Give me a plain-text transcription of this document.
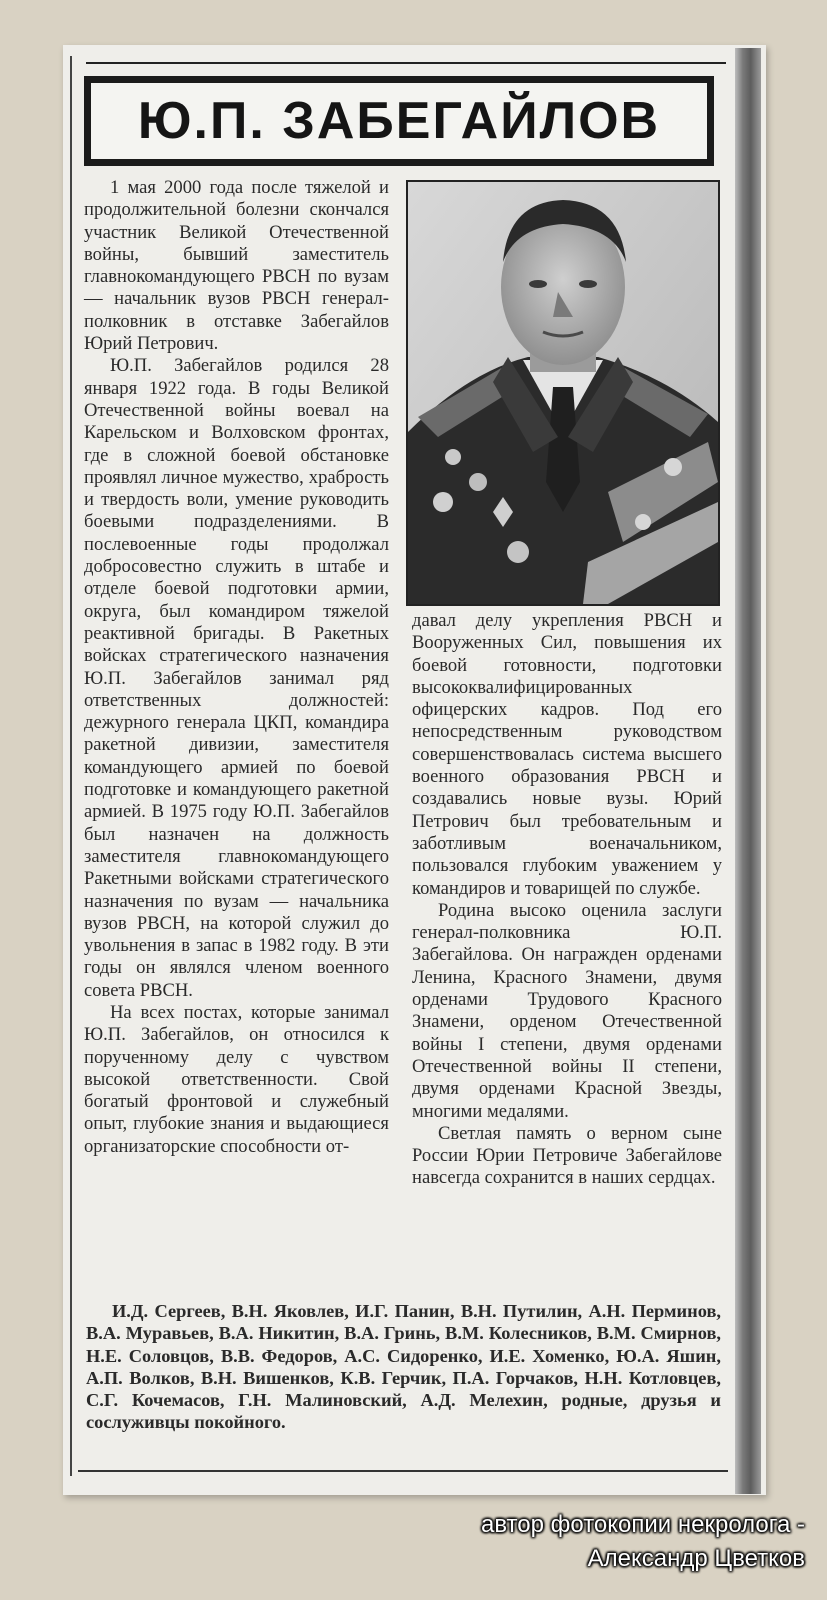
Ю.П. ЗАБЕГАЙЛОВ

1 мая 2000 года после тяжелой и продолжительной болезни скончался участник Великой Отечественной войны, бывший заместитель главнокомандующего РВСН по вузам — начальник вузов РВСН генерал-полковник в отставке Забегайлов Юрий Петрович.

Ю.П. Забегайлов родился 28 января 1922 года. В годы Великой Отечественной войны воевал на Карельском и Волховском фронтах, где в сложной боевой обстановке проявлял личное мужество, храбрость и твердость воли, умение руководить боевыми подразделениями. В послевоенные годы продолжал добросовестно служить в штабе и отделе боевой подготовки армии, округа, был командиром тяжелой реактивной бригады. В Ракетных войсках стратегического назначения Ю.П. Забегайлов занимал ряд ответственных должностей: дежурного генерала ЦКП, командира ракетной дивизии, заместителя командующего армией по боевой подготовке и командующего ракетной армией. В 1975 году Ю.П. Забегайлов был назначен на должность заместителя главнокомандующего Ракетными войсками стратегического назначения по вузам — начальника вузов РВСН, на которой служил до увольнения в запас в 1982 году. В эти годы он являлся членом военного совета РВСН.

На всех постах, которые занимал Ю.П. Забегайлов, он относился к порученному делу с чувством высокой ответственности. Свой богатый фронтовой и служебный опыт, глубокие знания и выдающиеся организаторские способности от-

давал делу укрепления РВСН и Вооруженных Сил, повышения их боевой готовности, подготовки высококвалифицированных офицерских кадров. Под его непосредственным руководством совершенствовалась система высшего военного образования РВСН и создавались новые вузы. Юрий Петрович был требовательным и заботливым военачальником, пользовался глубоким уважением у командиров и товарищей по службе.

Родина высоко оценила заслуги генерал-полковника Ю.П. Забегайлова. Он награжден орденами Ленина, Красного Знамени, двумя орденами Трудового Красного Знамени, орденом Отечественной войны I степени, двумя орденами Отечественной войны II степени, двумя орденами Красной Звезды, многими медалями.

Светлая память о верном сыне России Юрии Петровиче Забегайлове навсегда сохранится в наших сердцах.

И.Д. Сергеев, В.Н. Яковлев, И.Г. Панин, В.Н. Путилин, А.Н. Перминов, В.А. Муравьев, В.А. Никитин, В.А. Гринь, В.М. Колесников, В.М. Смирнов, Н.Е. Соловцов, В.В. Федоров, А.С. Сидоренко, И.Е. Хоменко, Ю.А. Яшин, А.П. Волков, В.Н. Вишенков, К.В. Герчик, П.А. Горчаков, Н.Н. Котловцев, С.Г. Кочемасов, Г.Н. Малиновский, А.Д. Мелехин, родные, друзья и сослуживцы покойного.
автор фотокопии некролога -
Александр Цветков
